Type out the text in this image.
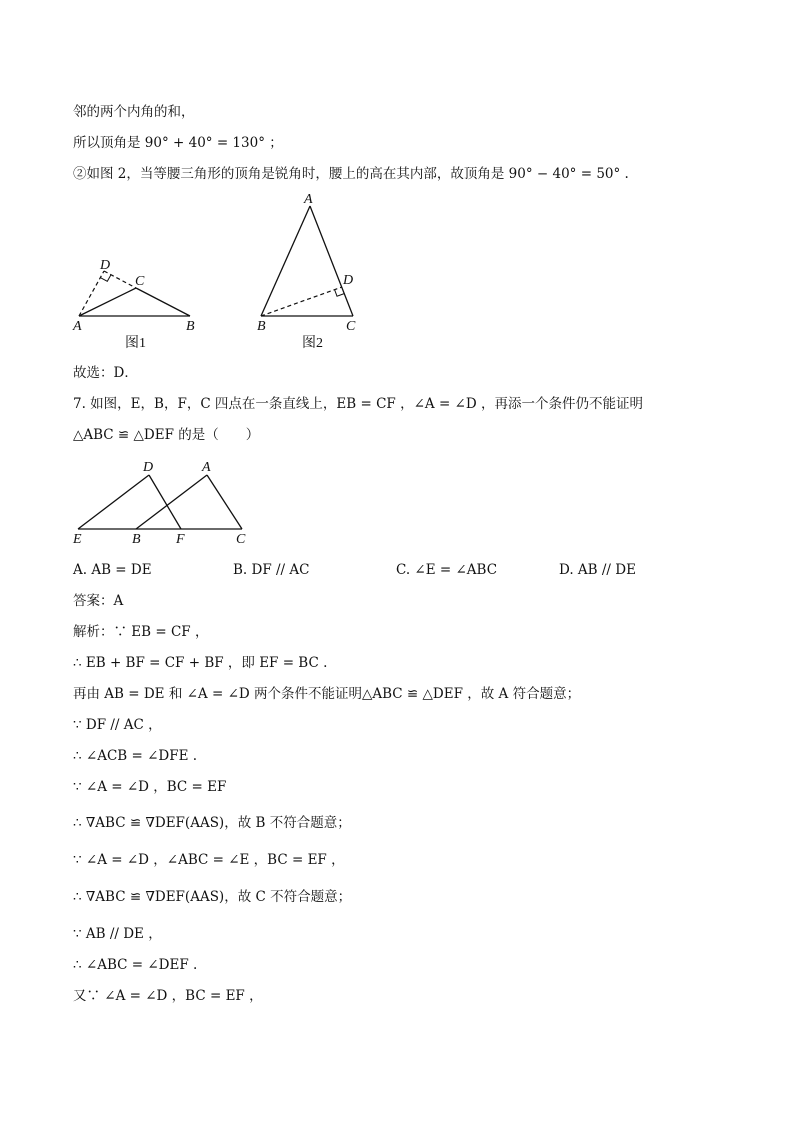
邻的两个内角的和，
所以顶角是 90° + 40° = 130° ；
②如图 2，当等腰三角形的顶角是锐角时，腰上的高在其内部，故顶角是 90° − 40° = 50° .
D
C
A	B
图1
A
D
B	C
图2
故选：D．
7. 如图，E，B，F，C 四点在一条直线上，EB = CF ，∠A = ∠D ，再添一个条件仍不能证明
△ABC ≌ △DEF 的是（　　）
D	A
E	B	F	C
A. AB = DE	B. DF // AC	C. ∠E = ∠ABC	D. AB // DE
答案：A
解析：∵ EB = CF ，
∴ EB + BF = CF + BF ，即 EF = BC .
再由 AB = DE 和 ∠A = ∠D 两个条件不能证明△ABC ≌ △DEF ，故 A 符合题意；
∵ DF // AC ，
∴ ∠ACB = ∠DFE .
∵ ∠A = ∠D ，BC = EF
∴ ∇ABC ≌ ∇DEF(AAS)，故 B 不符合题意；
∵ ∠A = ∠D ，∠ABC = ∠E ，BC = EF ，
∴ ∇ABC ≌ ∇DEF(AAS)，故 C 不符合题意；
∵ AB // DE ，
∴ ∠ABC = ∠DEF .
又∵ ∠A = ∠D ，BC = EF ，
